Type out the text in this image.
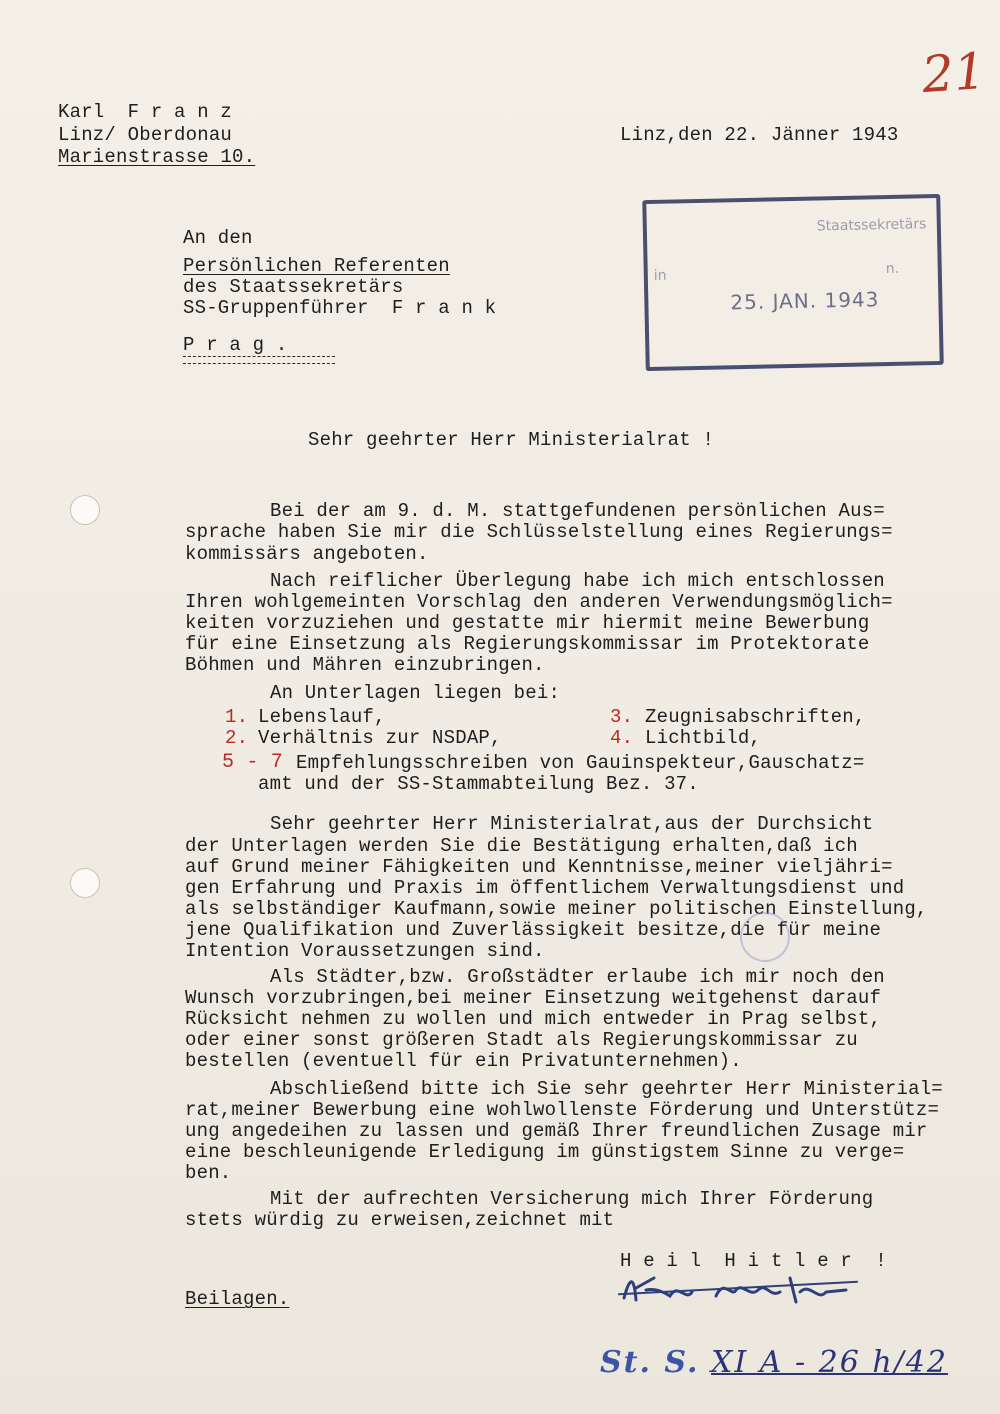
21
Karl  F r a n z
Linz/ Oberdonau
Marienstrasse 10.
Linz,den 22. Jänner 1943
Staatssekretärs
in	n.
25. JAN. 1943
An den
Persönlichen Referenten
des Staatssekretärs
SS-Gruppenführer  F r a n k
P r a g .
Sehr geehrter Herr Ministerialrat !
Bei der am 9. d. M. stattgefundenen persönlichen Aus=
sprache haben Sie mir die Schlüsselstellung eines Regierungs=
kommissärs angeboten.
Nach reiflicher Überlegung habe ich mich entschlossen
Ihren wohlgemeinten Vorschlag den anderen Verwendungsmöglich=
keiten vorzuziehen und gestatte mir hiermit meine Bewerbung
für eine Einsetzung als Regierungskommissar im Protektorate
Böhmen und Mähren einzubringen.
An Unterlagen liegen bei:
1. Lebenslauf,	3. Zeugnisabschriften,
2. Verhältnis zur NSDAP,	4. Lichtbild,
5 - 7 Empfehlungsschreiben von Gauinspekteur,Gauschatz=
amt und der SS-Stammabteilung Bez. 37.
Sehr geehrter Herr Ministerialrat,aus der Durchsicht
der Unterlagen werden Sie die Bestätigung erhalten,daß ich
auf Grund meiner Fähigkeiten und Kenntnisse,meiner vieljähri=
gen Erfahrung und Praxis im öffentlichem Verwaltungsdienst und
als selbständiger Kaufmann,sowie meiner politischen Einstellung,
jene Qualifikation und Zuverlässigkeit besitze,die für meine
Intention Voraussetzungen sind.
Als Städter,bzw. Großstädter erlaube ich mir noch den
Wunsch vorzubringen,bei meiner Einsetzung weitgehenst darauf
Rücksicht nehmen zu wollen und mich entweder in Prag selbst,
oder einer sonst größeren Stadt als Regierungskommissar zu
bestellen (eventuell für ein Privatunternehmen).
Abschließend bitte ich Sie sehr geehrter Herr Ministerial=
rat,meiner Bewerbung eine wohlwollenste Förderung und Unterstütz=
ung angedeihen zu lassen und gemäß Ihrer freundlichen Zusage mir
eine beschleunigende Erledigung im günstigstem Sinne zu verge=
ben.
Mit der aufrechten Versicherung mich Ihrer Förderung
stets würdig zu erweisen,zeichnet mit
H e i l  H i t l e r  !
Beilagen.
St. S. XI A - 26 h/42
